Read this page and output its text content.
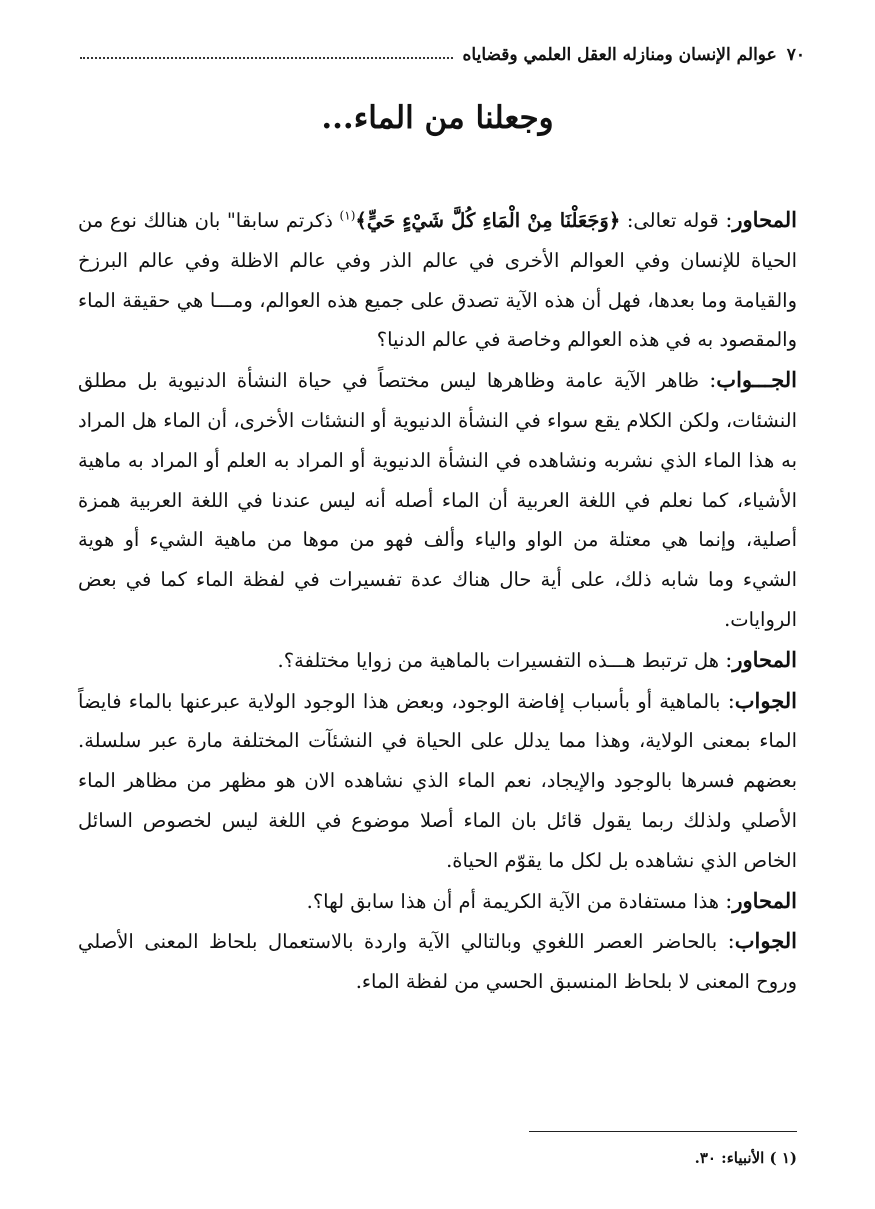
٧٠
عوالم الإنسان ومنازله العقل العلمي وقضاياه
وجعلنا من الماء...

المحاور: قوله تعالى: ﴿وَجَعَلْنَا مِنْ الْمَاءِ كُلَّ شَيْءٍ حَيٍّ﴾$^{(١)}$ ذكرتم سابقا" بان هنالك نوع من الحياة للإنسان وفي العوالم الأخرى في عالم الذر وفي عالم الاظلة وفي عالم البرزخ والقيامة وما بعدها، فهل أن هذه الآية تصدق على جميع هذه العوالم، ومـــا هي حقيقة الماء والمقصود به في هذه العوالم وخاصة في عالم الدنيا؟

الجـــواب: ظاهر الآية عامة وظاهرها ليس مختصاً في حياة النشأة الدنيوية بل مطلق النشئات، ولكن الكلام يقع سواء في النشأة الدنيوية أو النشئات الأخرى، أن الماء هل المراد به هذا الماء الذي نشربه ونشاهده في النشأة الدنيوية أو المراد به العلم أو المراد به ماهية الأشياء، كما نعلم في اللغة العربية أن الماء أصله أنه ليس عندنا في اللغة العربية همزة أصلية، وإنما هي معتلة من الواو والياء وألف فهو من موها من ماهية الشيء أو هوية الشيء وما شابه ذلك، على أية حال هناك عدة تفسيرات في لفظة الماء كما في بعض الروايات.

المحاور: هل ترتبط هـــذه التفسيرات بالماهية من زوايا مختلفة؟.

الجواب: بالماهية أو بأسباب إفاضة الوجود، وبعض هذا الوجود الولاية عبرعنها بالماء فايضاً الماء بمعنى الولاية، وهذا مما يدلل على الحياة في النشئآت المختلفة مارة عبر سلسلة. بعضهم فسرها بالوجود والإيجاد، نعم الماء الذي نشاهده الان هو مظهر من مظاهر الماء الأصلي ولذلك ربما يقول قائل بان الماء أصلا موضوع في اللغة ليس لخصوص السائل الخاص الذي نشاهده بل لكل ما يقوّم الحياة.

المحاور: هذا مستفادة من الآية الكريمة أم أن هذا سابق لها؟.

الجواب: بالحاضر العصر اللغوي وبالتالي الآية واردة بالاستعمال بلحاظ المعنى الأصلي وروح المعنى لا بلحاظ المنسبق الحسي من لفظة الماء.

(١ ) الأنبياء: ٣٠.
